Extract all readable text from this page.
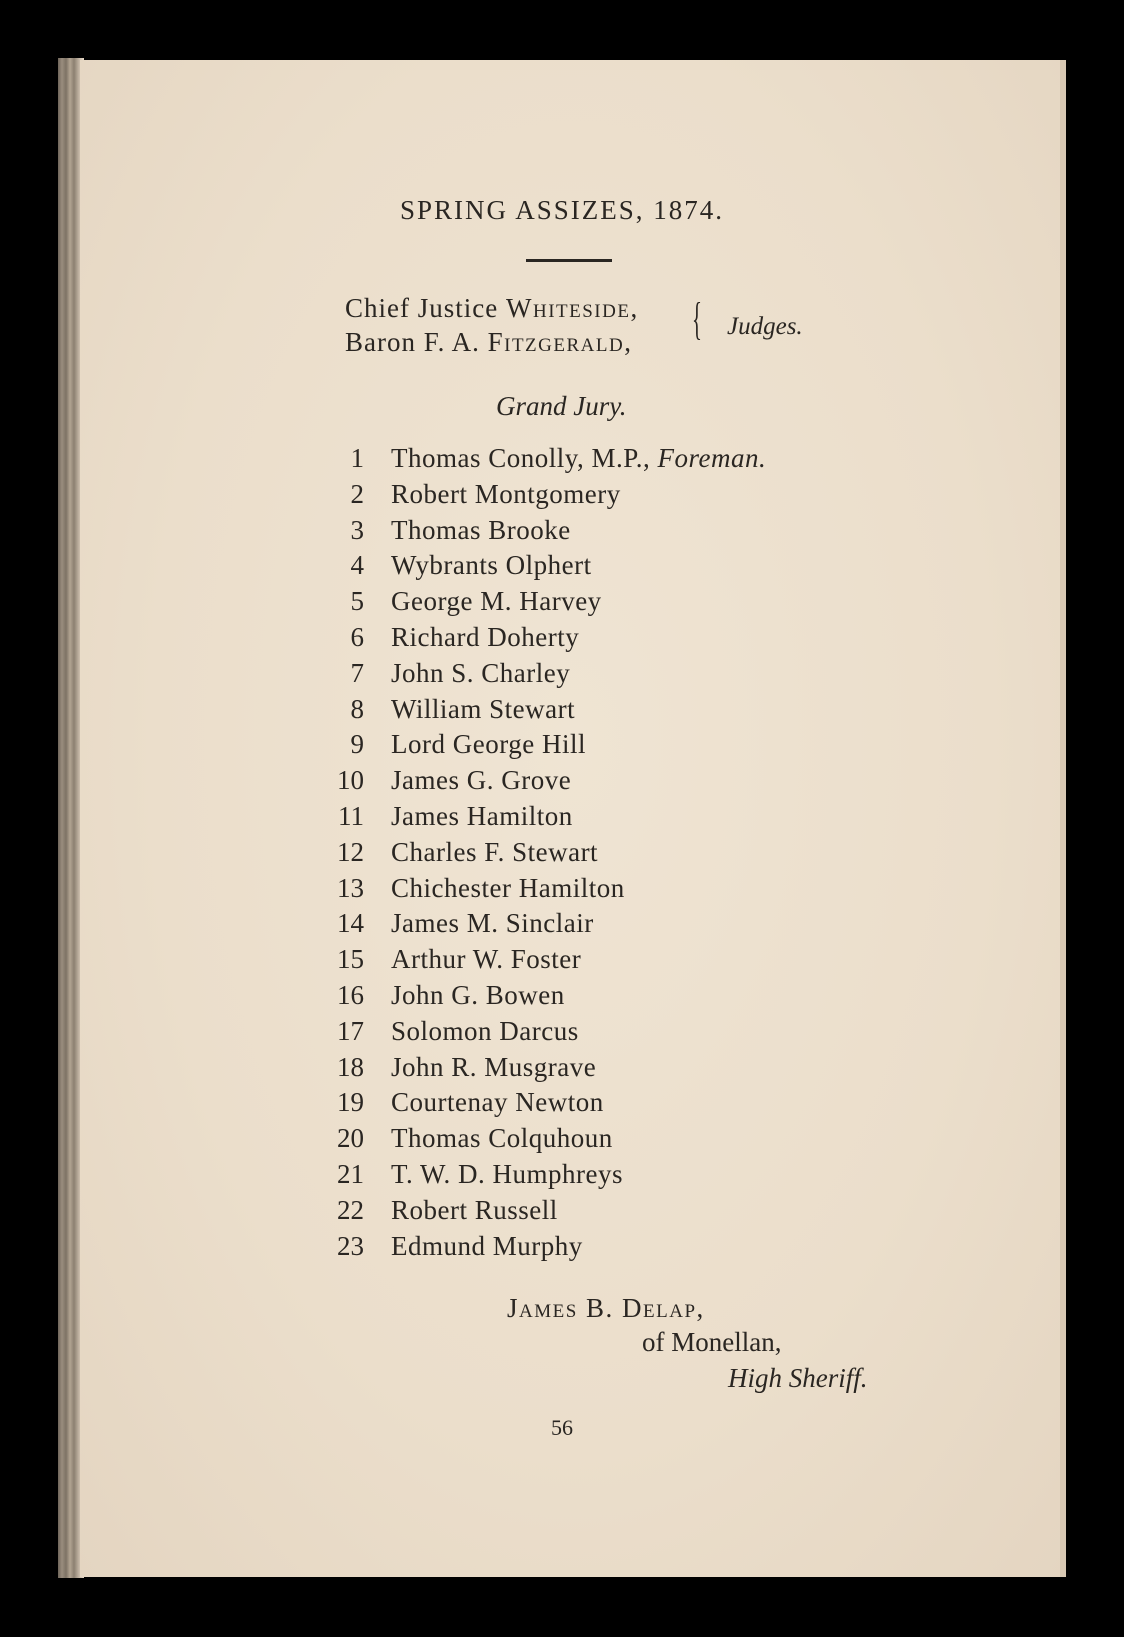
SPRING ASSIZES, 1874.
Chief Justice Whiteside,
Baron F. A. Fitzgerald, { Judges.
Grand Jury.
1 Thomas Conolly, M.P., Foreman.
2 Robert Montgomery
3 Thomas Brooke
4 Wybrants Olphert
5 George M. Harvey
6 Richard Doherty
7 John S. Charley
8 William Stewart
9 Lord George Hill
10 James G. Grove
11 James Hamilton
12 Charles F. Stewart
13 Chichester Hamilton
14 James M. Sinclair
15 Arthur W. Foster
16 John G. Bowen
17 Solomon Darcus
18 John R. Musgrave
19 Courtenay Newton
20 Thomas Colquhoun
21 T. W. D. Humphreys
22 Robert Russell
23 Edmund Murphy
James B. Delap,
of Monellan,
High Sheriff.
56
